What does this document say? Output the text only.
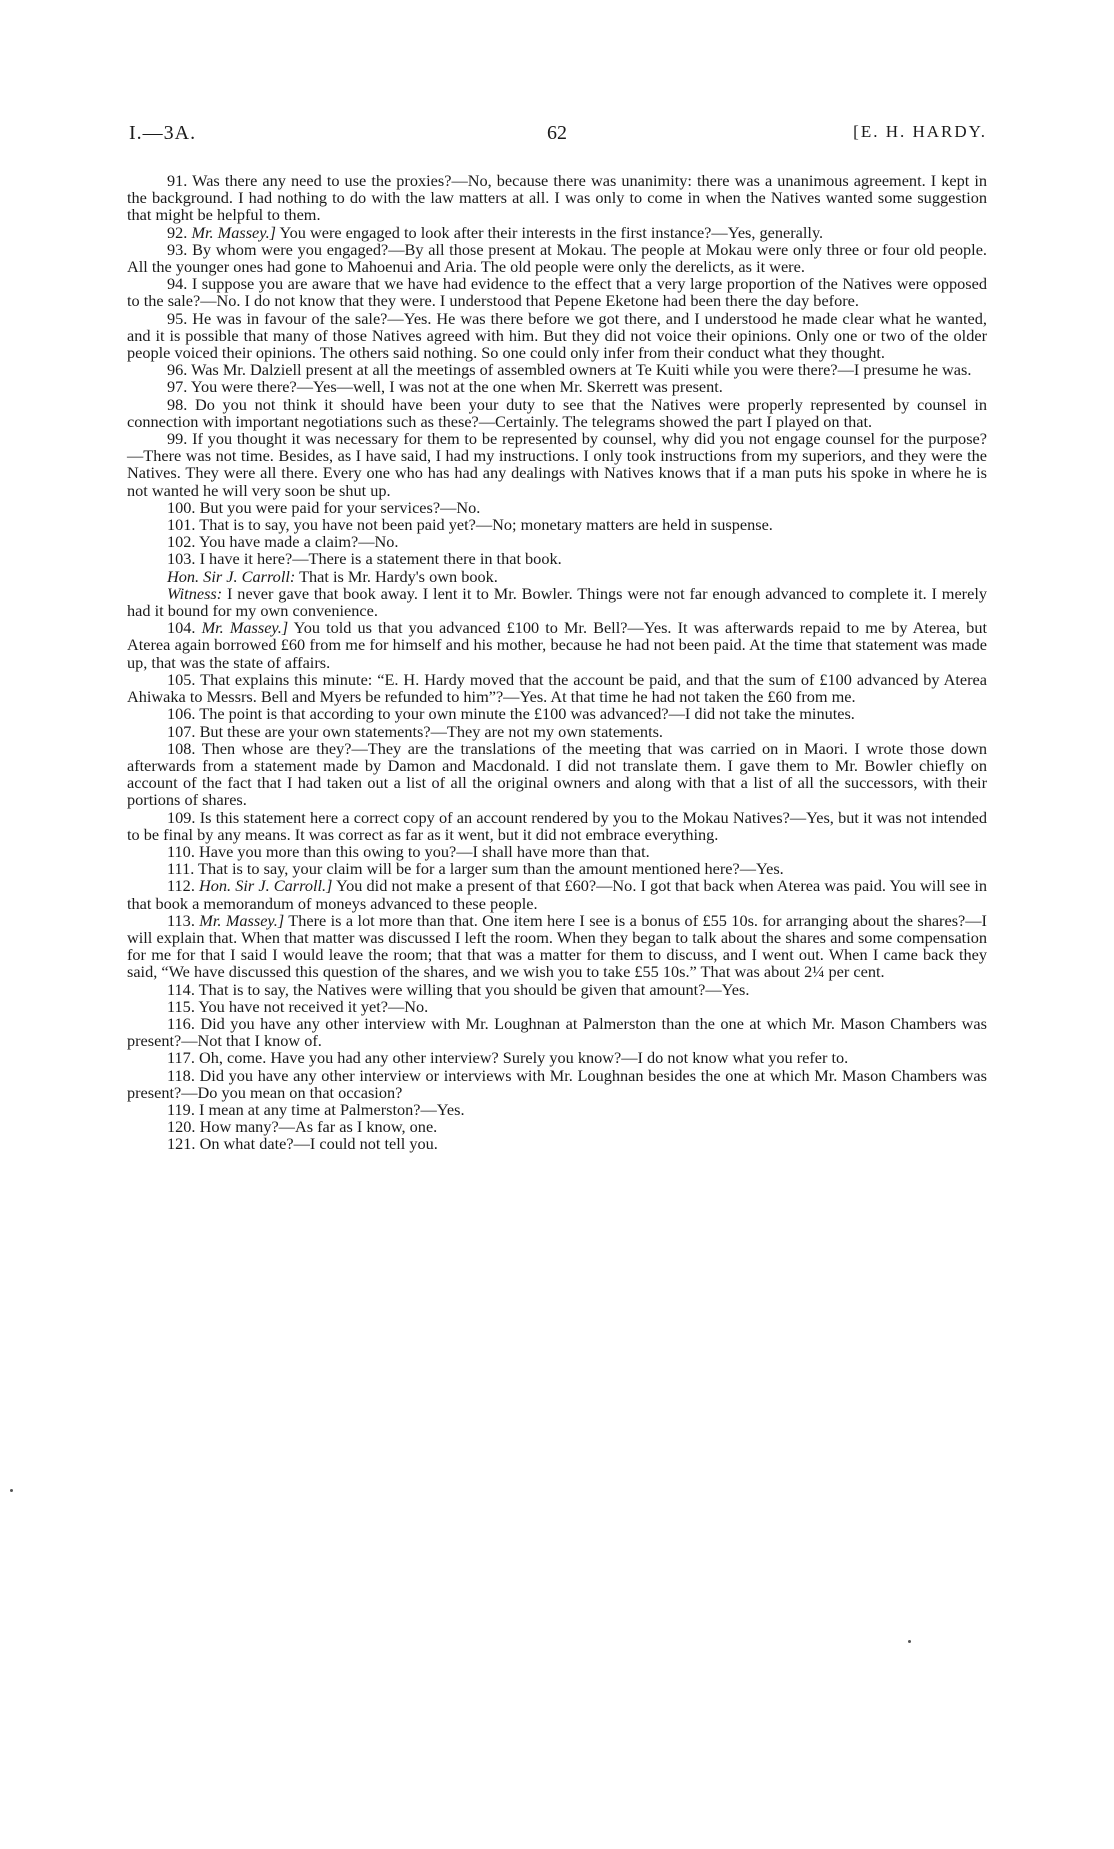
I.—3A.	62	[E. H. HARDY.

91. Was there any need to use the proxies?—No, because there was unanimity: there was a unanimous agreement. I kept in the background. I had nothing to do with the law matters at all. I was only to come in when the Natives wanted some suggestion that might be helpful to them.

92. Mr. Massey.] You were engaged to look after their interests in the first instance?—Yes, generally.

93. By whom were you engaged?—By all those present at Mokau. The people at Mokau were only three or four old people. All the younger ones had gone to Mahoenui and Aria. The old people were only the derelicts, as it were.

94. I suppose you are aware that we have had evidence to the effect that a very large proportion of the Natives were opposed to the sale?—No. I do not know that they were. I understood that Pepene Eketone had been there the day before.

95. He was in favour of the sale?—Yes. He was there before we got there, and I understood he made clear what he wanted, and it is possible that many of those Natives agreed with him. But they did not voice their opinions. Only one or two of the older people voiced their opinions. The others said nothing. So one could only infer from their conduct what they thought.

96. Was Mr. Dalziell present at all the meetings of assembled owners at Te Kuiti while you were there?—I presume he was.

97. You were there?—Yes—well, I was not at the one when Mr. Skerrett was present.

98. Do you not think it should have been your duty to see that the Natives were properly represented by counsel in connection with important negotiations such as these?—Certainly. The telegrams showed the part I played on that.

99. If you thought it was necessary for them to be represented by counsel, why did you not engage counsel for the purpose?—There was not time. Besides, as I have said, I had my instructions. I only took instructions from my superiors, and they were the Natives. They were all there. Every one who has had any dealings with Natives knows that if a man puts his spoke in where he is not wanted he will very soon be shut up.

100. But you were paid for your services?—No.

101. That is to say, you have not been paid yet?—No; monetary matters are held in suspense.

102. You have made a claim?—No.

103. I have it here?—There is a statement there in that book.

Hon. Sir J. Carroll: That is Mr. Hardy's own book.

Witness: I never gave that book away. I lent it to Mr. Bowler. Things were not far enough advanced to complete it. I merely had it bound for my own convenience.

104. Mr. Massey.] You told us that you advanced £100 to Mr. Bell?—Yes. It was afterwards repaid to me by Aterea, but Aterea again borrowed £60 from me for himself and his mother, because he had not been paid. At the time that statement was made up, that was the state of affairs.

105. That explains this minute: “E. H. Hardy moved that the account be paid, and that the sum of £100 advanced by Aterea Ahiwaka to Messrs. Bell and Myers be refunded to him”?—Yes. At that time he had not taken the £60 from me.

106. The point is that according to your own minute the £100 was advanced?—I did not take the minutes.

107. But these are your own statements?—They are not my own statements.

108. Then whose are they?—They are the translations of the meeting that was carried on in Maori. I wrote those down afterwards from a statement made by Damon and Macdonald. I did not translate them. I gave them to Mr. Bowler chiefly on account of the fact that I had taken out a list of all the original owners and along with that a list of all the successors, with their portions of shares.

109. Is this statement here a correct copy of an account rendered by you to the Mokau Natives?—Yes, but it was not intended to be final by any means. It was correct as far as it went, but it did not embrace everything.

110. Have you more than this owing to you?—I shall have more than that.

111. That is to say, your claim will be for a larger sum than the amount mentioned here?—Yes.

112. Hon. Sir J. Carroll.] You did not make a present of that £60?—No. I got that back when Aterea was paid. You will see in that book a memorandum of moneys advanced to these people.

113. Mr. Massey.] There is a lot more than that. One item here I see is a bonus of £55 10s. for arranging about the shares?—I will explain that. When that matter was discussed I left the room. When they began to talk about the shares and some compensation for me for that I said I would leave the room; that that was a matter for them to discuss, and I went out. When I came back they said, “We have discussed this question of the shares, and we wish you to take £55 10s.” That was about 2¼ per cent.

114. That is to say, the Natives were willing that you should be given that amount?—Yes.

115. You have not received it yet?—No.

116. Did you have any other interview with Mr. Loughnan at Palmerston than the one at which Mr. Mason Chambers was present?—Not that I know of.

117. Oh, come. Have you had any other interview? Surely you know?—I do not know what you refer to.

118. Did you have any other interview or interviews with Mr. Loughnan besides the one at which Mr. Mason Chambers was present?—Do you mean on that occasion?

119. I mean at any time at Palmerston?—Yes.

120. How many?—As far as I know, one.

121. On what date?—I could not tell you.
